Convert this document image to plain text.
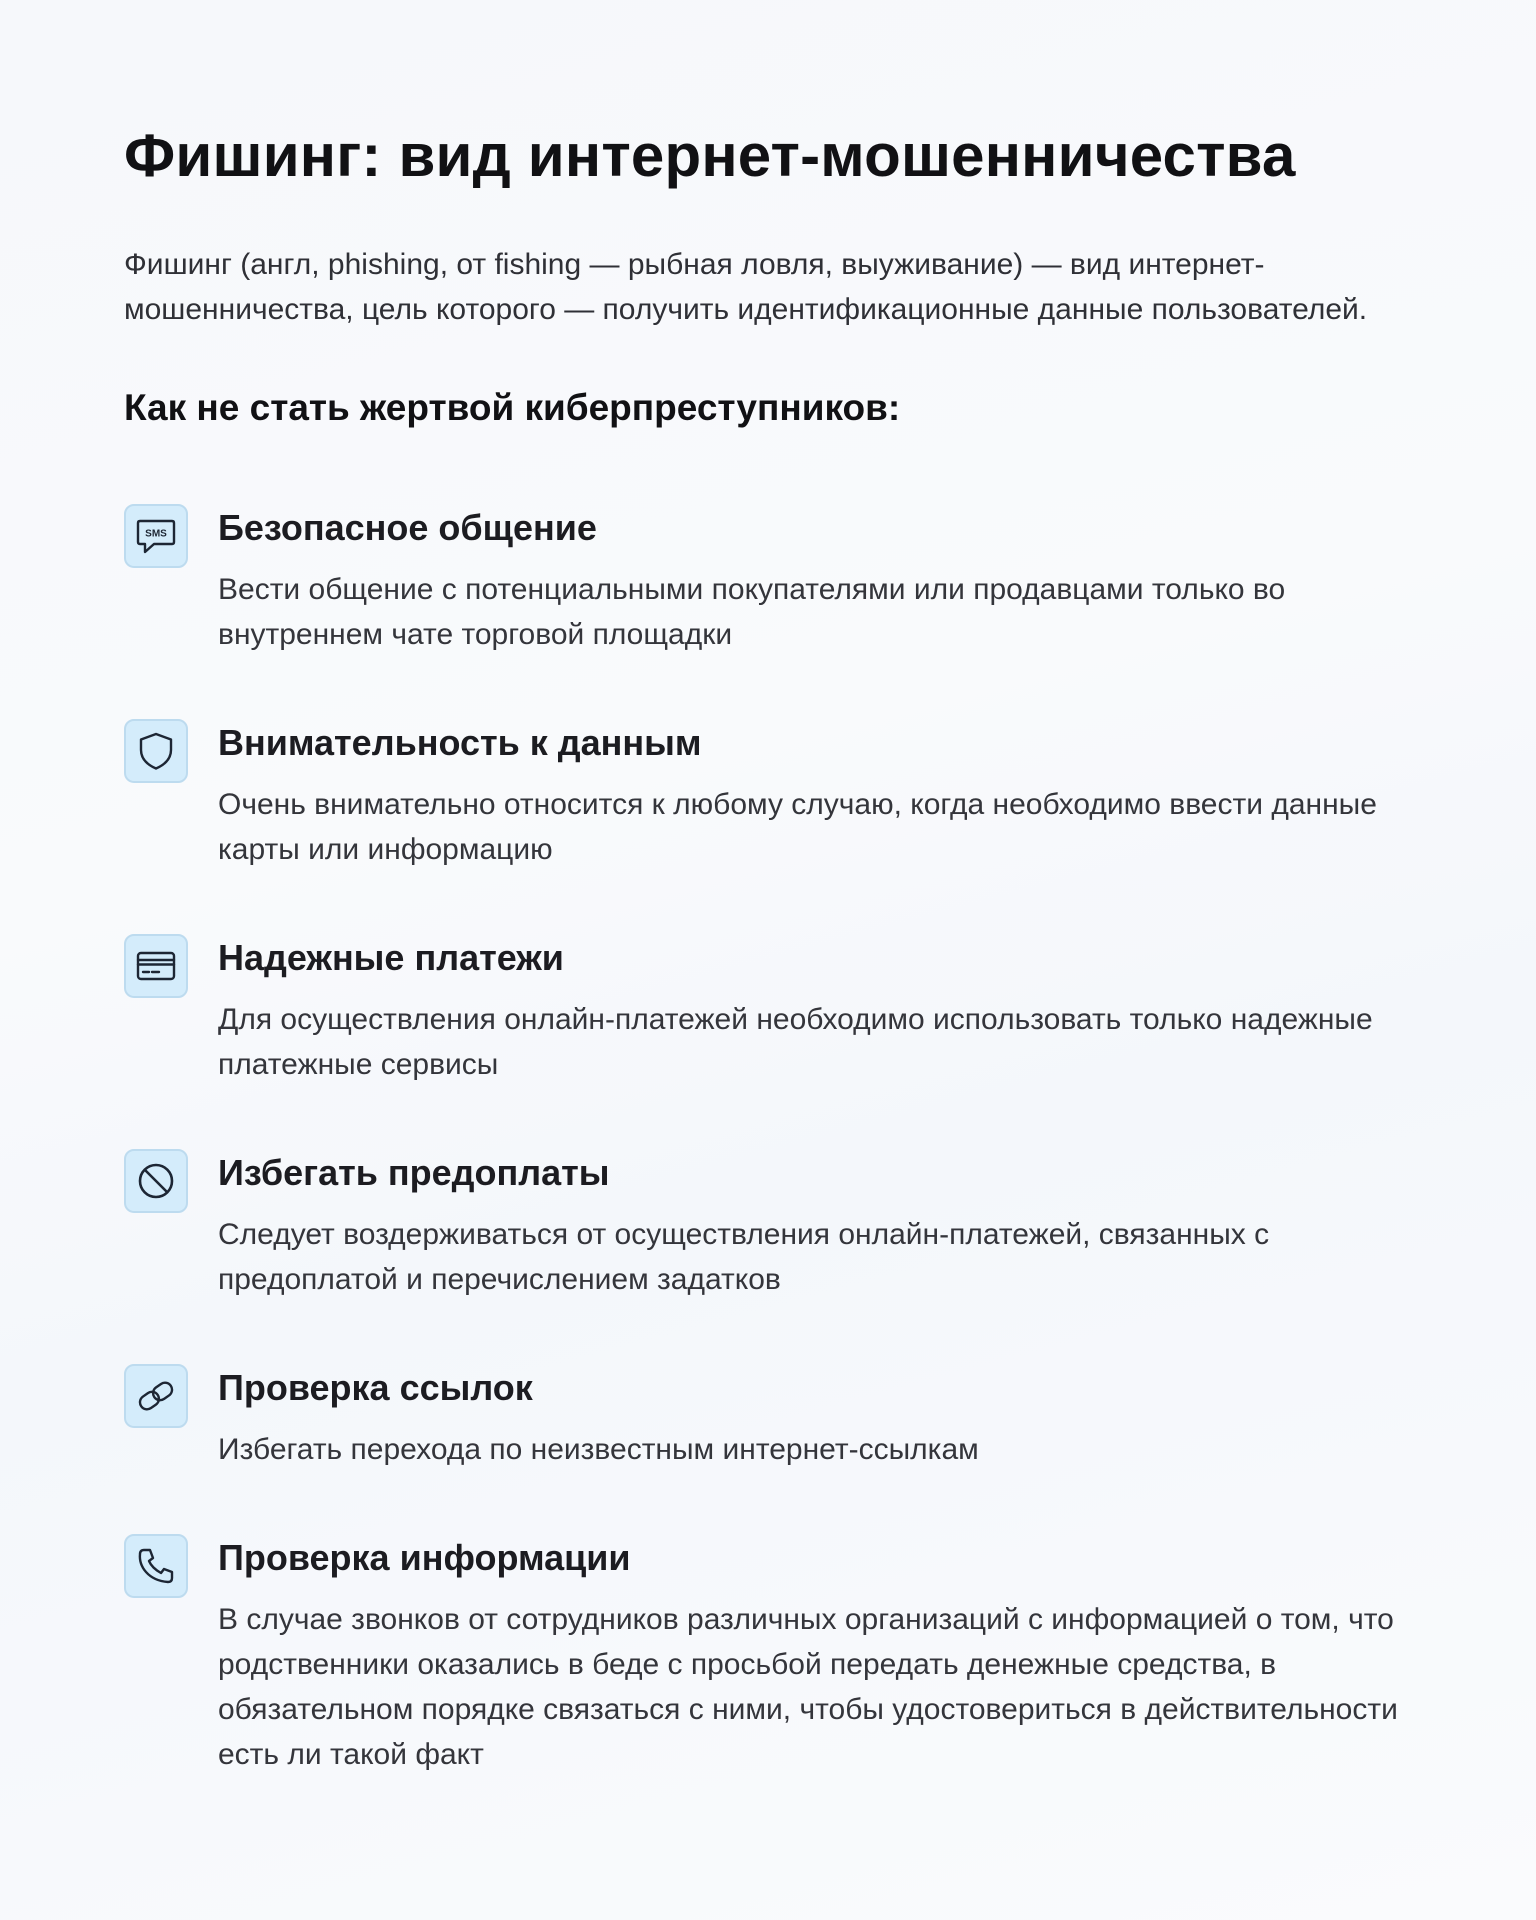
Фишинг: вид интернет-мошенничества

Фишинг (англ, phishing, от fishing — рыбная ловля, выуживание) — вид интернет-мошенничества, цель которого — получить идентификационные данные пользователей.

Как не стать жертвой киберпреступников:
SMS Безопасное общение

Вести общение с потенциальными покупателями или продавцами только во внутреннем чате торговой площадки

Внимательность к данным

Очень внимательно относится к любому случаю, когда необходимо ввести данные карты или информацию

Надежные платежи

Для осуществления онлайн-платежей необходимо использовать только надежные платежные сервисы

Избегать предоплаты

Следует воздерживаться от осуществления онлайн-платежей, связанных с предоплатой и перечислением задатков

Проверка ссылок

Избегать перехода по неизвестным интернет-ссылкам

Проверка информации

В случае звонков от сотрудников различных организаций с информацией о том, что родственники оказались в беде с просьбой передать денежные средства, в обязательном порядке связаться с ними, чтобы удостовериться в действительности есть ли такой факт
